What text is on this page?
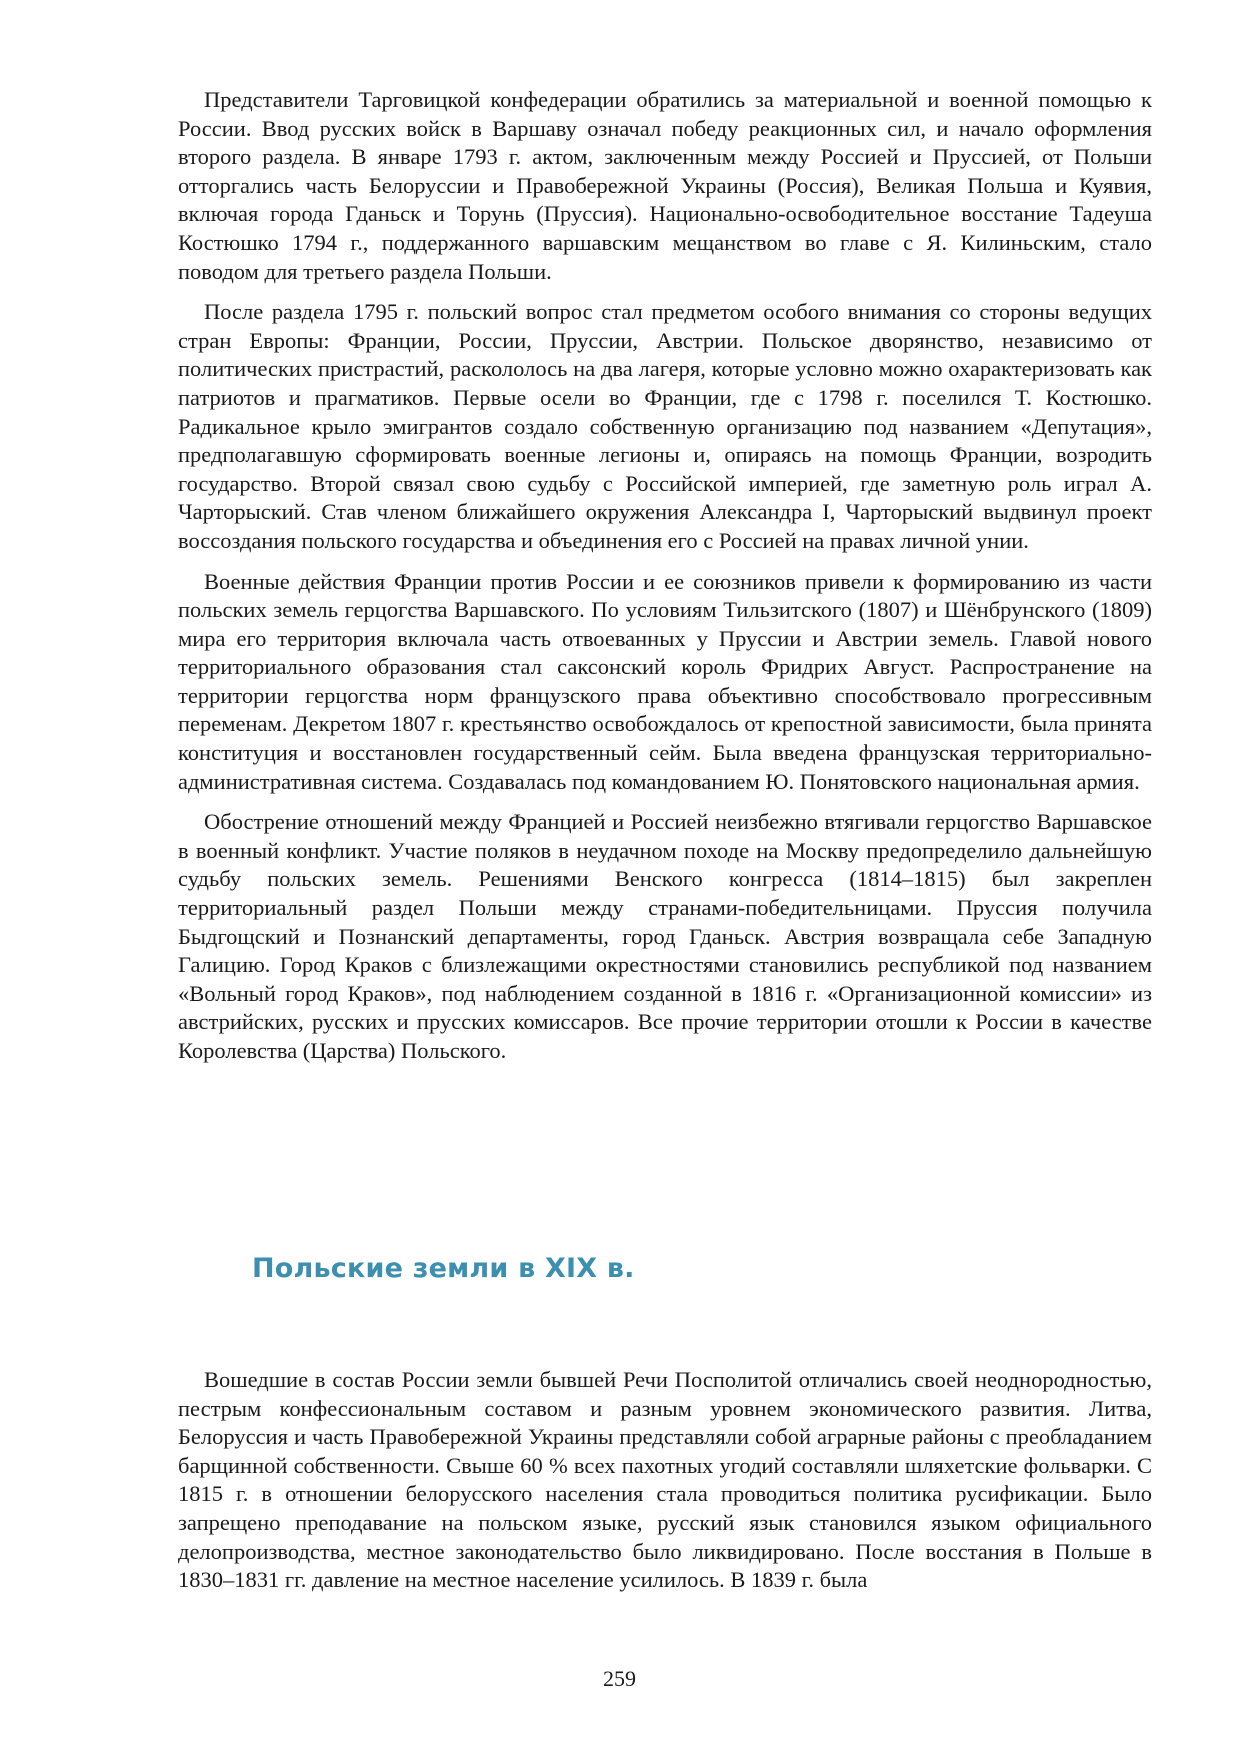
Представители Тарговицкой конфедерации обратились за материальной и военной помощью к России. Ввод русских войск в Варшаву означал победу реакционных сил, и начало оформления второго раздела. В январе 1793 г. актом, заключенным между Россией и Пруссией, от Польши отторгались часть Белоруссии и Правобережной Украины (Россия), Великая Польша и Куявия, включая города Гданьск и Торунь (Пруссия). Национально-освободительное восстание Тадеуша Костюшко 1794 г., поддержанного варшавским мещанством во главе с Я. Килиньским, стало поводом для третьего раздела Польши.

После раздела 1795 г. польский вопрос стал предметом особого внимания со стороны ведущих стран Европы: Франции, России, Пруссии, Австрии. Польское дворянство, независимо от политических пристрастий, раскололось на два лагеря, которые условно можно охарактеризовать как патриотов и прагматиков. Первые осели во Франции, где с 1798 г. поселился Т. Костюшко. Радикальное крыло эмигрантов создало собственную организацию под названием «Депутация», предполагавшую сформировать военные легионы и, опираясь на помощь Франции, возродить государство. Второй связал свою судьбу с Российской империей, где заметную роль играл А. Чарторыский. Став членом ближайшего окружения Александра I, Чарторыский выдвинул проект воссоздания польского государства и объединения его с Россией на правах личной унии.

Военные действия Франции против России и ее союзников привели к формированию из части польских земель герцогства Варшавского. По условиям Тильзитского (1807) и Шёнбрунского (1809) мира его территория включала часть отвоеванных у Пруссии и Австрии земель. Главой нового территориального образования стал саксонский король Фридрих Август. Распространение на территории герцогства норм французского права объективно способствовало прогрессивным переменам. Декретом 1807 г. крестьянство освобождалось от крепостной зависимости, была принята конституция и восстановлен государственный сейм. Была введена французская территориально-административная система. Создавалась под командованием Ю. Понятовского национальная армия.

Обострение отношений между Францией и Россией неизбежно втягивали герцогство Варшавское в военный конфликт. Участие поляков в неудачном походе на Москву предопределило дальнейшую судьбу польских земель. Решениями Венского конгресса (1814–1815) был закреплен территориальный раздел Польши между странами-победительницами. Пруссия получила Быдгощский и Познанский департаменты, город Гданьск. Австрия возвращала себе Западную Галицию. Город Краков с близлежащими окрестностями становились республикой под названием «Вольный город Краков», под наблюдением созданной в 1816 г. «Организационной комиссии» из австрийских, русских и прусских комиссаров. Все прочие территории отошли к России в качестве Королевства (Царства) Польского.

Польские земли в XIX в.

Вошедшие в состав России земли бывшей Речи Посполитой отличались своей неоднородностью, пестрым конфессиональным составом и разным уровнем экономического развития. Литва, Белоруссия и часть Правобережной Украины представляли собой аграрные районы с преобладанием барщинной собственности. Свыше 60 % всех пахотных угодий составляли шляхетские фольварки. С 1815 г. в отношении белорусского населения стала проводиться политика русификации. Было запрещено преподавание на польском языке, русский язык становился языком официального делопроизводства, местное законодательство было ликвидировано. После восстания в Польше в 1830–1831 гг. давление на местное население усилилось. В 1839 г. была

259
